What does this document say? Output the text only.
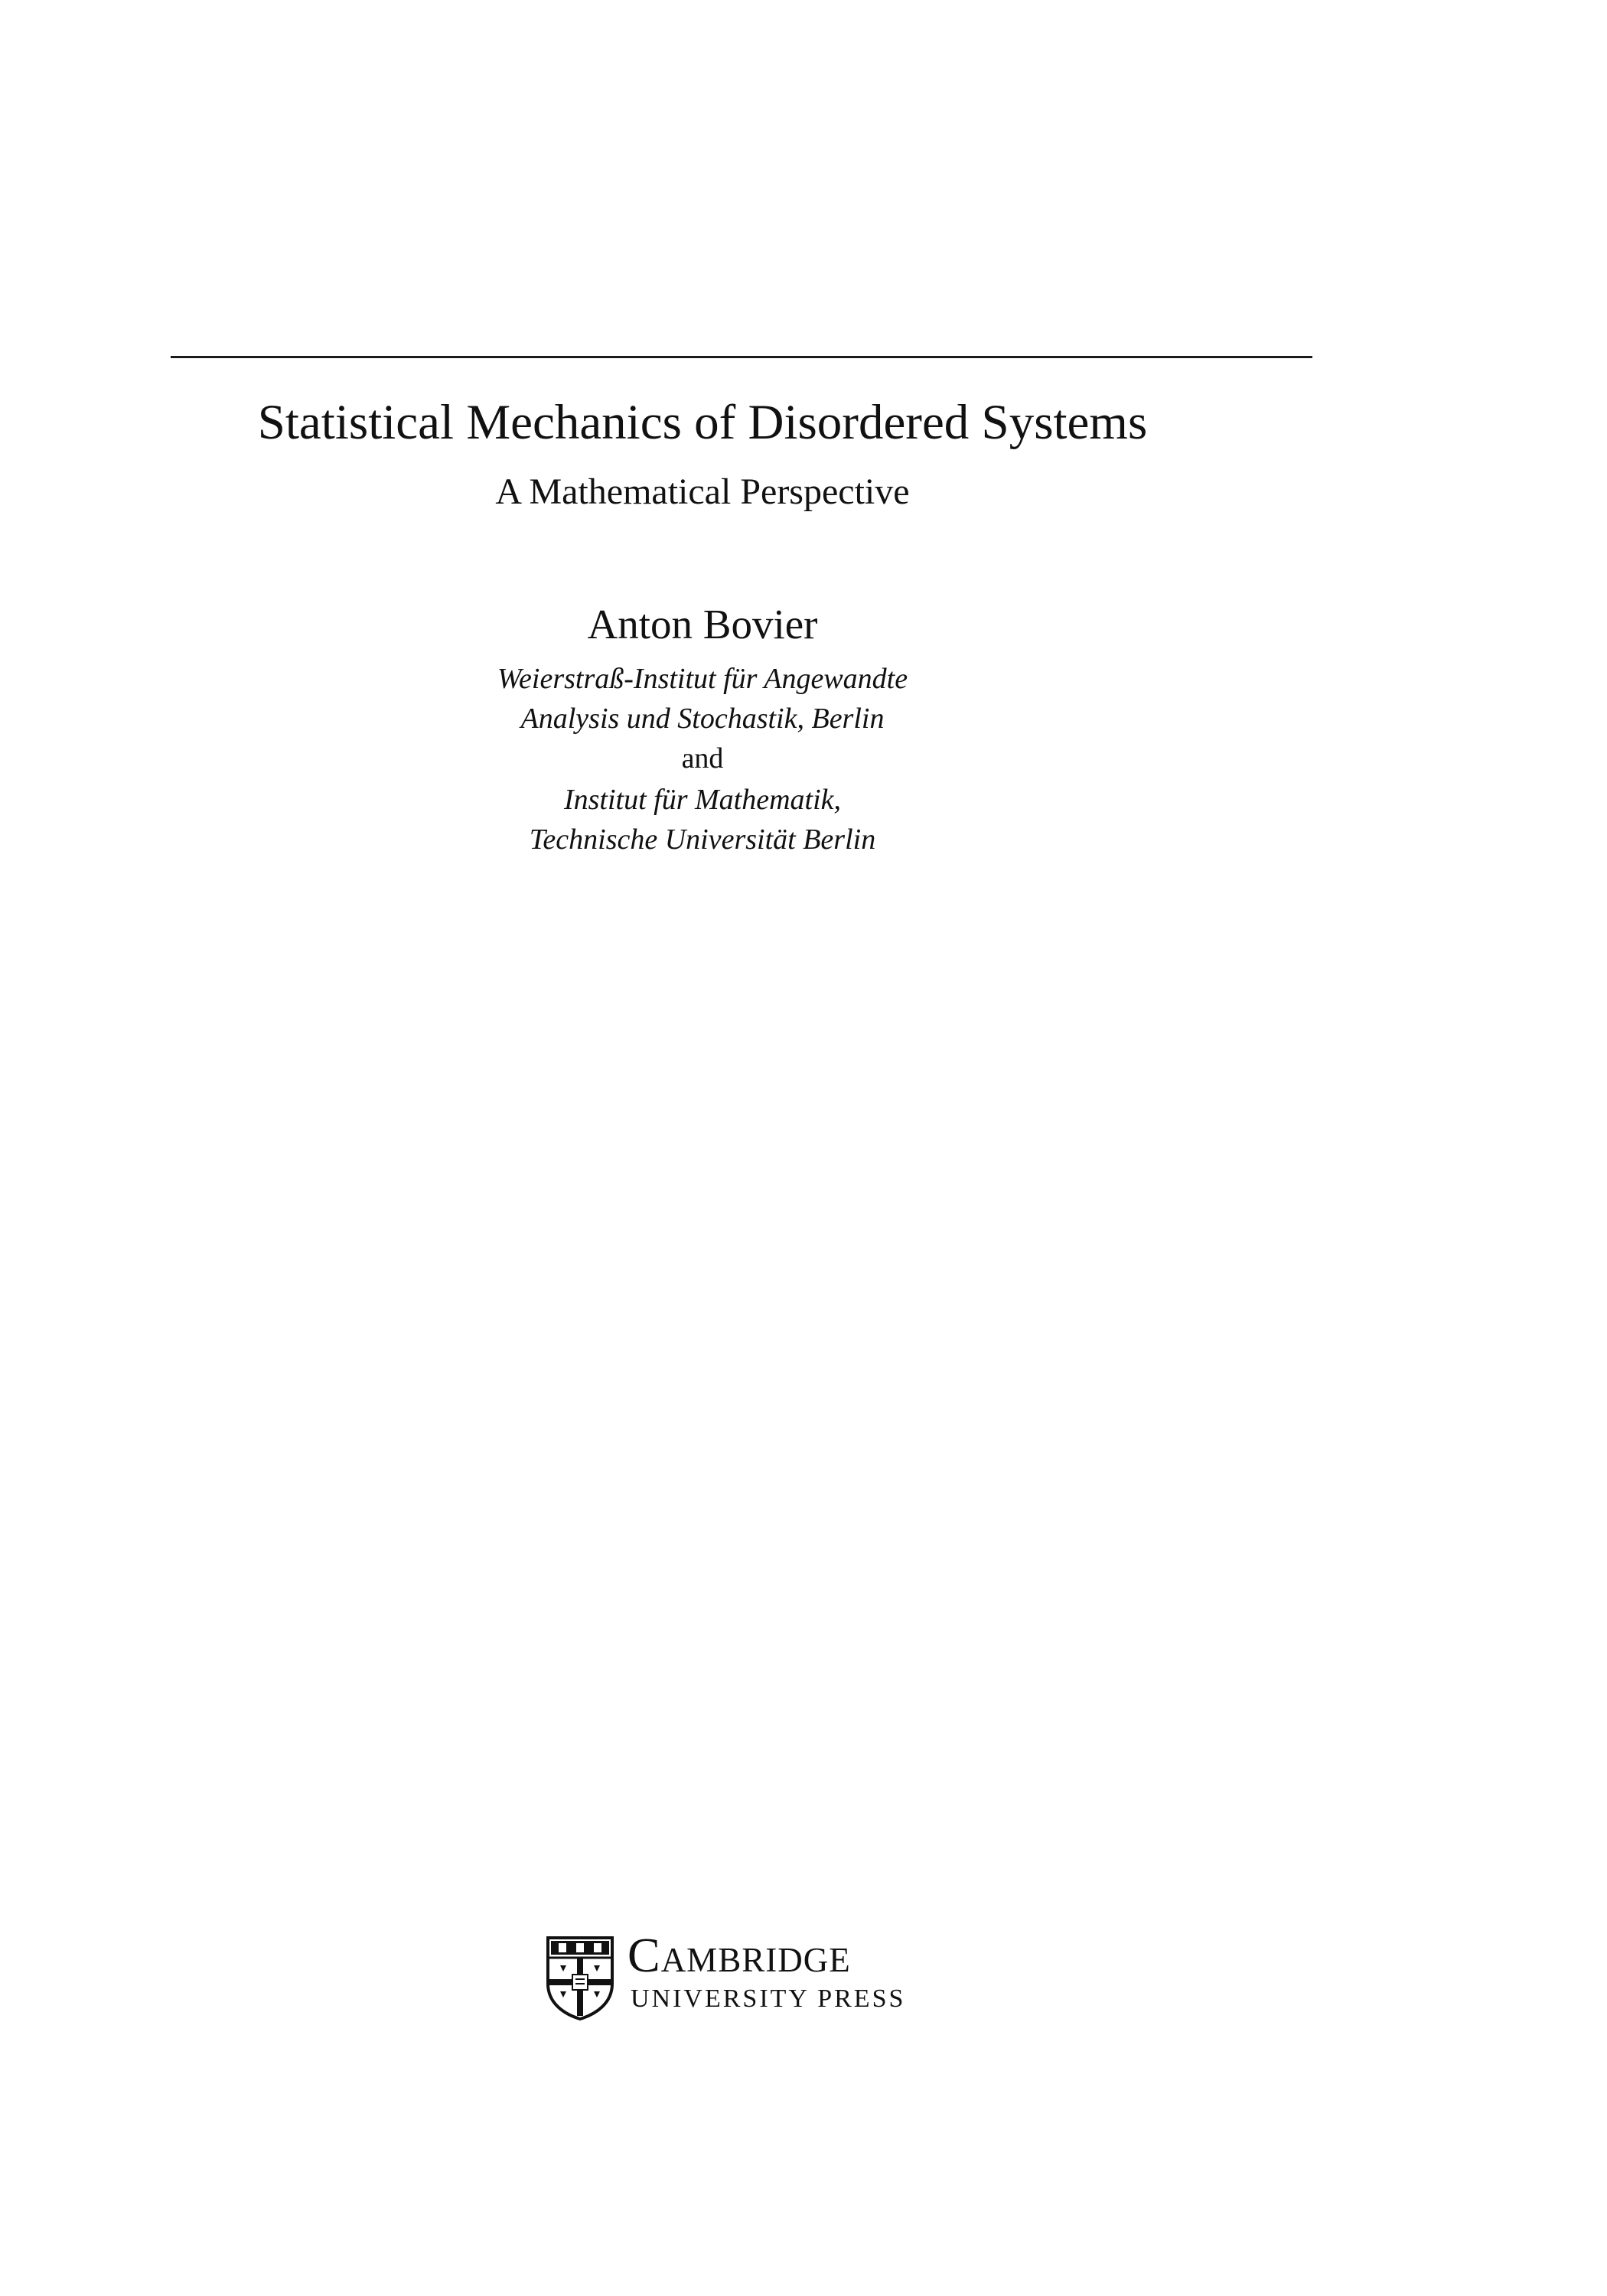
Statistical Mechanics of Disordered Systems
A Mathematical Perspective
Anton Bovier
Weierstraß-Institut für Angewandte
Analysis und Stochastik, Berlin
and
Institut für Mathematik,
Technische Universität Berlin
Cambridge
UNIVERSITY PRESS
